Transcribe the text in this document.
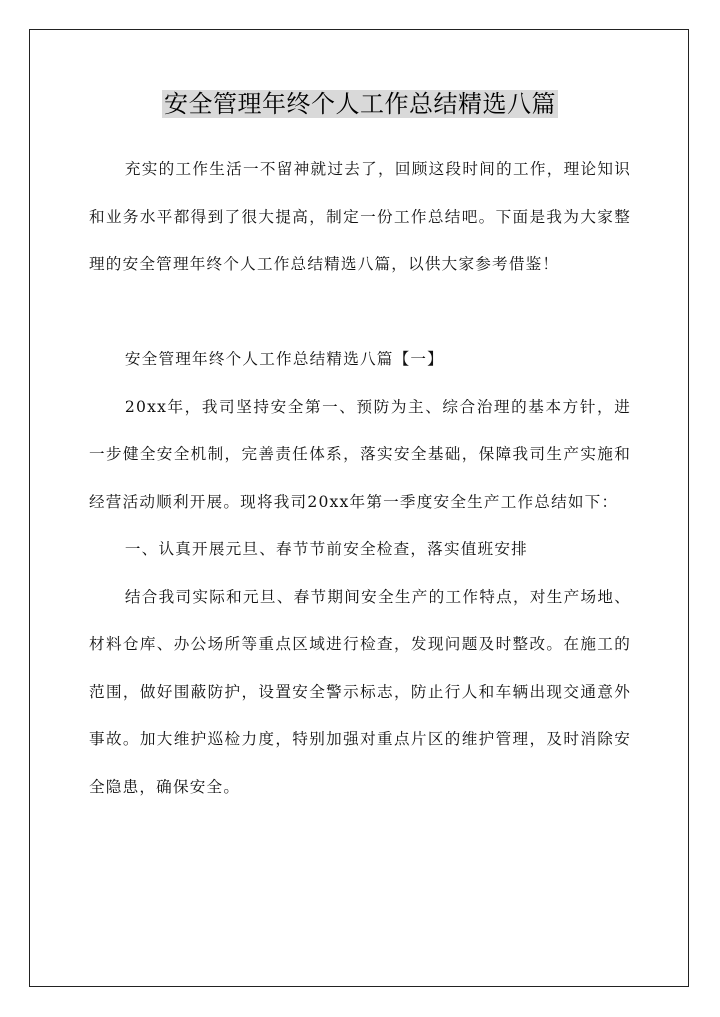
安全管理年终个人工作总结精选八篇

充实的工作生活一不留神就过去了，回顾这段时间的工作，理论知识和业务水平都得到了很大提高，制定一份工作总结吧。下面是我为大家整理的安全管理年终个人工作总结精选八篇，以供大家参考借鉴！

安全管理年终个人工作总结精选八篇【一】

20xx年，我司坚持安全第一、预防为主、综合治理的基本方针，进一步健全安全机制，完善责任体系，落实安全基础，保障我司生产实施和经营活动顺利开展。现将我司20xx年第一季度安全生产工作总结如下：

一、认真开展元旦、春节节前安全检查，落实值班安排

结合我司实际和元旦、春节期间安全生产的工作特点，对生产场地、材料仓库、办公场所等重点区域进行检查，发现问题及时整改。在施工的范围，做好围蔽防护，设置安全警示标志，防止行人和车辆出现交通意外事故。加大维护巡检力度，特别加强对重点片区的维护管理，及时消除安全隐患，确保安全。
